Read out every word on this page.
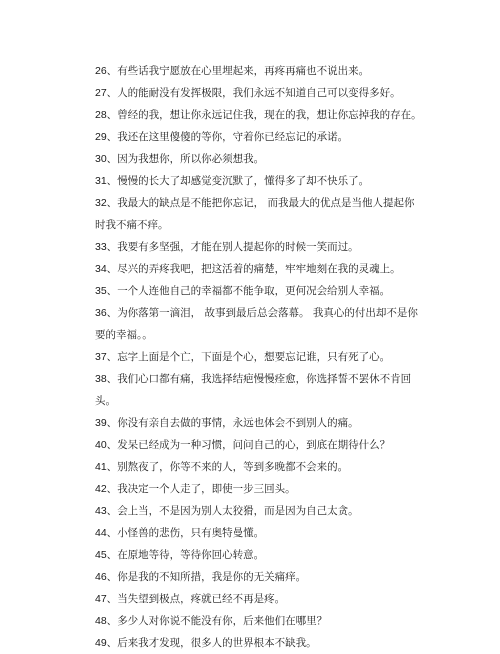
26、有些话我宁愿放在心里埋起来，再疼再痛也不说出来。
27、人的能耐没有发挥极限，我们永远不知道自己可以变得多好。
28、曾经的我，想让你永远记住我，现在的我，想让你忘掉我的存在。
29、我还在这里傻傻的等你，守着你已经忘记的承诺。
30、因为我想你，所以你必须想我。
31、慢慢的长大了却感觉变沉默了，懂得多了却不快乐了。
32、我最大的缺点是不能把你忘记， 而我最大的优点是当他人提起你时我不痛不痒。
33、我要有多坚强，才能在别人提起你的时候一笑而过。
34、尽兴的弄疼我吧，把这活着的痛楚，牢牢地刻在我的灵魂上。
35、一个人连他自己的幸福都不能争取，更何况会给别人幸福。
36、为你落第一滴泪， 故事到最后总会落幕。 我真心的付出却不是你要的幸福。。
37、忘字上面是个亡，下面是个心，想要忘记谁，只有死了心。
38、我们心口都有痛，我选择结疤慢慢痊愈，你选择誓不罢休不肯回头。
39、你没有亲自去做的事情，永远也体会不到别人的痛。
40、发呆已经成为一种习惯，问问自己的心，到底在期待什么？
41、别熬夜了，你等不来的人，等到多晚都不会来的。
42、我决定一个人走了，即使一步三回头。
43、会上当，不是因为别人太狡猾，而是因为自己太贪。
44、小怪兽的悲伤，只有奥特曼懂。
45、在原地等待，等待你回心转意。
46、你是我的不知所措，我是你的无关痛痒。
47、当失望到极点，疼就已经不再是疼。
48、多少人对你说不能没有你，后来他们在哪里？
49、后来我才发现，很多人的世界根本不缺我。
